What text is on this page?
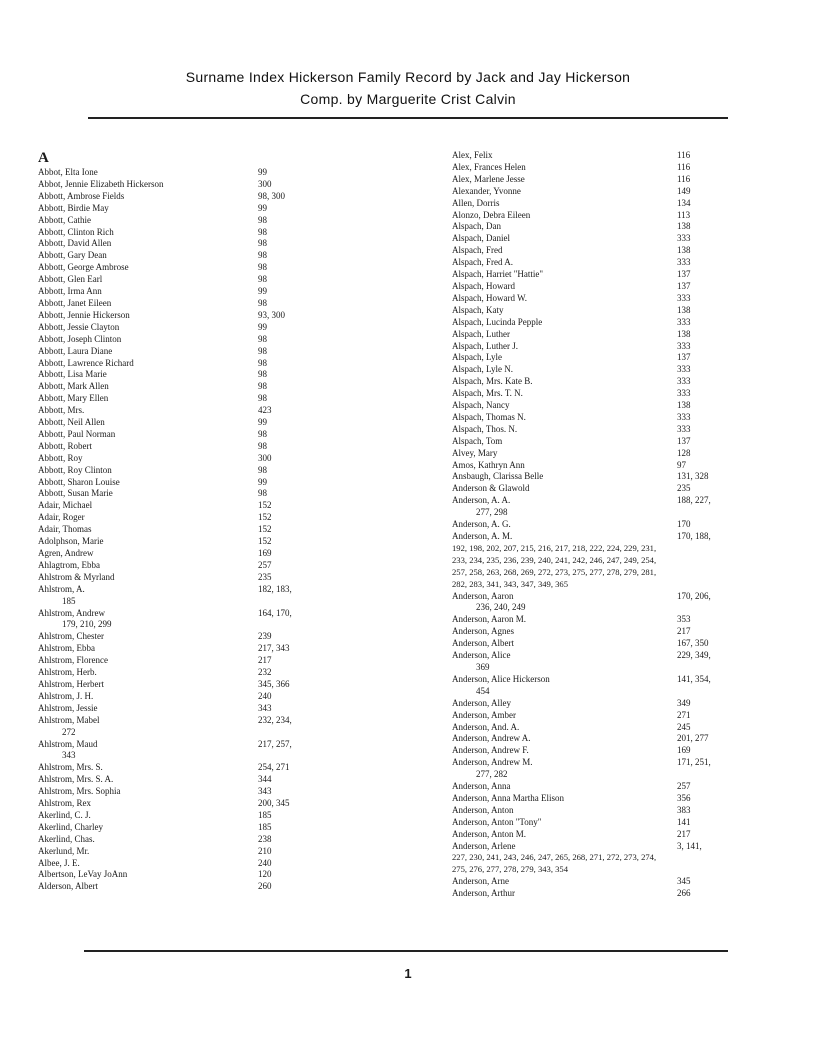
Surname Index Hickerson Family Record by Jack and Jay Hickerson
Comp. by Marguerite Crist Calvin
A
Abbot, Elta Ione	99
Abbot, Jennie Elizabeth Hickerson	300
Abbott, Ambrose Fields	98, 300
Abbott, Birdie May	99
Abbott, Cathie	98
Abbott, Clinton Rich	98
Abbott, David Allen	98
Abbott, Gary Dean	98
Abbott, George Ambrose	98
Abbott, Glen Earl	98
Abbott, Irma Ann	99
Abbott, Janet Eileen	98
Abbott, Jennie Hickerson	93, 300
Abbott, Jessie Clayton	99
Abbott, Joseph Clinton	98
Abbott, Laura Diane	98
Abbott, Lawrence Richard	98
Abbott, Lisa Marie	98
Abbott, Mark Allen	98
Abbott, Mary Ellen	98
Abbott, Mrs.	423
Abbott, Neil Allen	99
Abbott, Paul Norman	98
Abbott, Robert	98
Abbott, Roy	300
Abbott, Roy Clinton	98
Abbott, Sharon Louise	99
Abbott, Susan Marie	98
Adair, Michael	152
Adair, Roger	152
Adair, Thomas	152
Adolphson, Marie	152
Agren, Andrew	169
Ahlagtrom, Ebba	257
Ahlstrom & Myrland	235
Ahlstrom, A.	182, 183,
185
Ahlstrom, Andrew	164, 170,
179, 210, 299
Ahlstrom, Chester	239
Ahlstrom, Ebba	217, 343
Ahlstrom, Florence	217
Ahlstrom, Herb.	232
Ahlstrom, Herbert	345, 366
Ahlstrom, J. H.	240
Ahlstrom, Jessie	343
Ahlstrom, Mabel	232, 234,
272
Ahlstrom, Maud	217, 257,
343
Ahlstrom, Mrs. S.	254, 271
Ahlstrom, Mrs. S. A.	344
Ahlstrom, Mrs. Sophia	343
Ahlstrom, Rex	200, 345
Akerlind, C. J.	185
Akerlind, Charley	185
Akerlind, Chas.	238
Akerlund, Mr.	210
Albee, J. E.	240
Albertson, LeVay JoAnn	120
Alderson, Albert	260
Alex, Felix	116
Alex, Frances Helen	116
Alex, Marlene Jesse	116
Alexander, Yvonne	149
Allen, Dorris	134
Alonzo, Debra Eileen	113
Alspach, Dan	138
Alspach, Daniel	333
Alspach, Fred	138
Alspach, Fred A.	333
Alspach, Harriet "Hattie"	137
Alspach, Howard	137
Alspach, Howard W.	333
Alspach, Katy	138
Alspach, Lucinda Pepple	333
Alspach, Luther	138
Alspach, Luther J.	333
Alspach, Lyle	137
Alspach, Lyle N.	333
Alspach, Mrs. Kate B.	333
Alspach, Mrs. T. N.	333
Alspach, Nancy	138
Alspach, Thomas N.	333
Alspach, Thos. N.	333
Alspach, Tom	137
Alvey, Mary	128
Amos, Kathryn Ann	97
Ansbaugh, Clarissa Belle	131, 328
Anderson & Glawold	235
Anderson, A. A.	188, 227,
277, 298
Anderson, A. G.	170
Anderson, A. M.	170, 188,
192, 198, 202, 207, 215, 216, 217, 218, 222, 224, 229, 231,
233, 234, 235, 236, 239, 240, 241, 242, 246, 247, 249, 254,
257, 258, 263, 268, 269, 272, 273, 275, 277, 278, 279, 281,
282, 283, 341, 343, 347, 349, 365
Anderson, Aaron	170, 206,
236, 240, 249
Anderson, Aaron M.	353
Anderson, Agnes	217
Anderson, Albert	167, 350
Anderson, Alice	229, 349,
369
Anderson, Alice Hickerson	141, 354,
454
Anderson, Alley	349
Anderson, Amber	271
Anderson, And. A.	245
Anderson, Andrew A.	201, 277
Anderson, Andrew F.	169
Anderson, Andrew M.	171, 251,
277, 282
Anderson, Anna	257
Anderson, Anna Martha Elison	356
Anderson, Anton	383
Anderson, Anton "Tony"	141
Anderson, Anton M.	217
Anderson, Arlene	3, 141,
227, 230, 241, 243, 246, 247, 265, 268, 271, 272, 273, 274,
275, 276, 277, 278, 279, 343, 354
Anderson, Arne	345
Anderson, Arthur	266
1
